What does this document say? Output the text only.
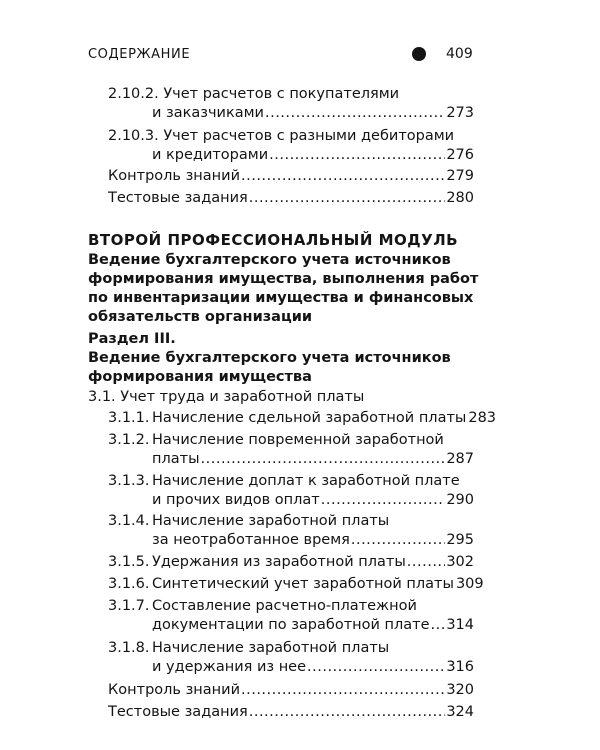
СОДЕРЖАНИЕ	409
2.10.2. Учет расчетов с покупателями
и заказчиками .....	273
2.10.3. Учет расчетов с разными дебиторами
и кредиторами .....	276
Контроль знаний .....	279
Тестовые задания .....	280
ВТОРОЙ ПРОФЕССИОНАЛЬНЫЙ МОДУЛЬ
Ведение бухгалтерского учета источников
формирования имущества, выполнения работ
по инвентаризации имущества и финансовых
обязательств организации
Раздел III.
Ведение бухгалтерского учета источников
формирования имущества
3.1. Учет труда и заработной платы
3.1.1. Начисление сдельной заработной платы 283
3.1.2. Начисление повременной заработной
платы .....	287
3.1.3. Начисление доплат к заработной плате
и прочих видов оплат .....	290
3.1.4. Начисление заработной платы
за неотработанное время .....	295
3.1.5. Удержания из заработной платы .....	302
3.1.6. Синтетический учет заработной платы 309
3.1.7. Составление расчетно-платежной
документации по заработной плате ..... 314
3.1.8. Начисление заработной платы
и удержания из нее .....	316
Контроль знаний .....	320
Тестовые задания .....	324
